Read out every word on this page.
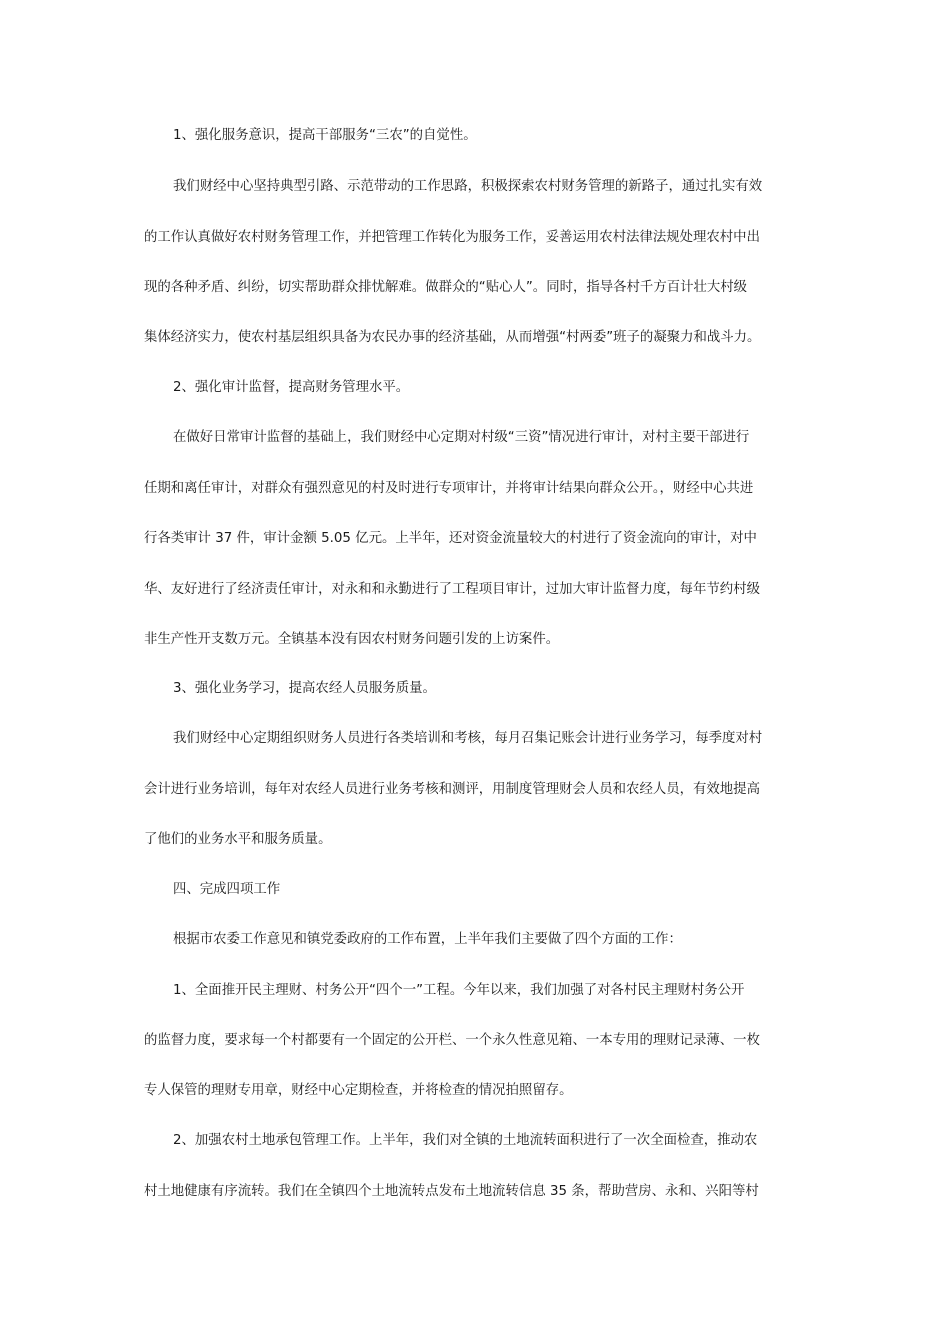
1、强化服务意识，提高干部服务“三农”的自觉性。

我们财经中心坚持典型引路、示范带动的工作思路，积极探索农村财务管理的新路子，通过扎实有效

的工作认真做好农村财务管理工作，并把管理工作转化为服务工作，妥善运用农村法律法规处理农村中出

现的各种矛盾、纠纷，切实帮助群众排忧解难。做群众的“贴心人”。同时，指导各村千方百计壮大村级

集体经济实力，使农村基层组织具备为农民办事的经济基础，从而增强“村两委”班子的凝聚力和战斗力。

2、强化审计监督，提高财务管理水平。

在做好日常审计监督的基础上，我们财经中心定期对村级“三资”情况进行审计，对村主要干部进行

任期和离任审计，对群众有强烈意见的村及时进行专项审计，并将审计结果向群众公开。，财经中心共进

行各类审计 37 件，审计金额 5.05 亿元。上半年，还对资金流量较大的村进行了资金流向的审计，对中

华、友好进行了经济责任审计，对永和和永勤进行了工程项目审计，过加大审计监督力度，每年节约村级

非生产性开支数万元。全镇基本没有因农村财务问题引发的上访案件。

3、强化业务学习，提高农经人员服务质量。

我们财经中心定期组织财务人员进行各类培训和考核，每月召集记账会计进行业务学习，每季度对村

会计进行业务培训，每年对农经人员进行业务考核和测评，用制度管理财会人员和农经人员，有效地提高

了他们的业务水平和服务质量。

四、完成四项工作

根据市农委工作意见和镇党委政府的工作布置，上半年我们主要做了四个方面的工作：

1、全面推开民主理财、村务公开“四个一”工程。今年以来，我们加强了对各村民主理财村务公开

的监督力度，要求每一个村都要有一个固定的公开栏、一个永久性意见箱、一本专用的理财记录薄、一枚

专人保管的理财专用章，财经中心定期检查，并将检查的情况拍照留存。

2、加强农村土地承包管理工作。上半年，我们对全镇的土地流转面积进行了一次全面检查，推动农

村土地健康有序流转。我们在全镇四个土地流转点发布土地流转信息 35 条，帮助营房、永和、兴阳等村
